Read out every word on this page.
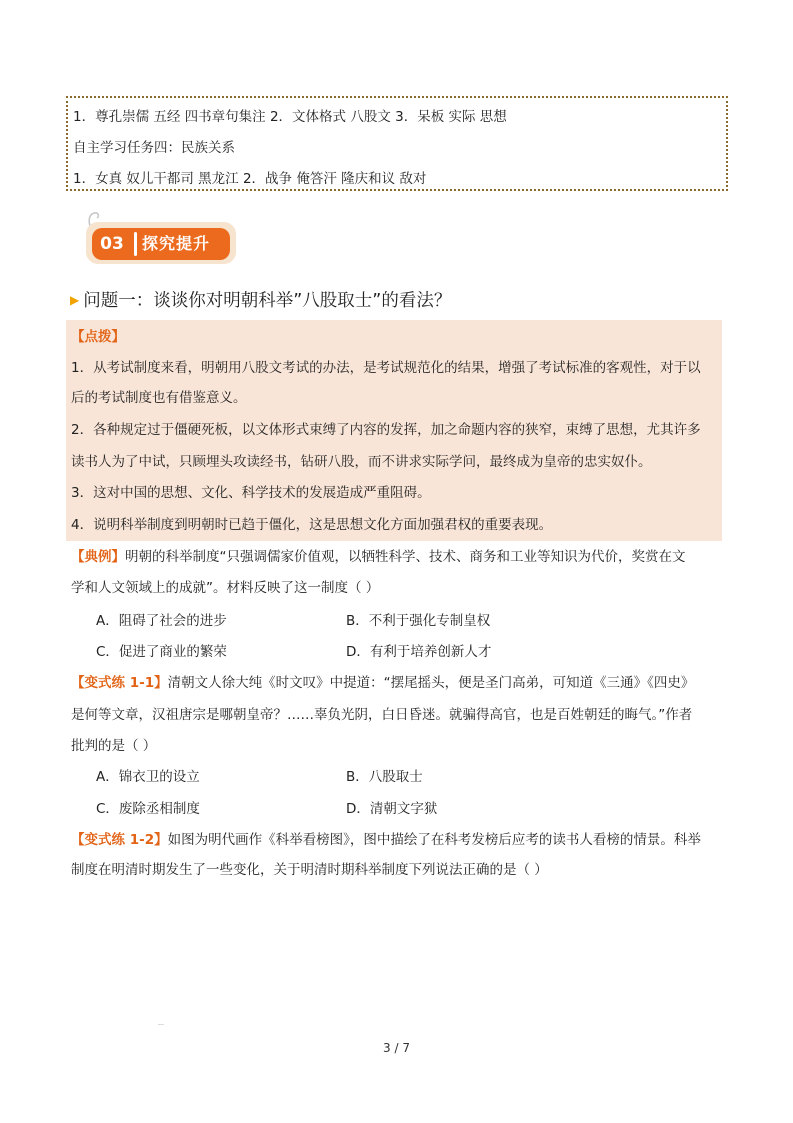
1．尊孔崇儒 五经 四书章句集注 2．文体格式 八股文 3．呆板 实际 思想
自主学习任务四：民族关系
1．女真 奴儿干都司 黑龙江 2．战争 俺答汗 隆庆和议 敌对
03	探究提升
▶ 问题一：谈谈你对明朝科举”八股取士”的看法？
【点拨】
1．从考试制度来看，明朝用八股文考试的办法，是考试规范化的结果，增强了考试标准的客观性，对于以
后的考试制度也有借鉴意义。
2．各种规定过于僵硬死板，以文体形式束缚了内容的发挥，加之命题内容的狭窄，束缚了思想，尤其许多
读书人为了中试，只顾埋头攻读经书，钻研八股，而不讲求实际学问，最终成为皇帝的忠实奴仆。
3．这对中国的思想、文化、科学技术的发展造成严重阻碍。
4．说明科举制度到明朝时已趋于僵化，这是思想文化方面加强君权的重要表现。
【典例】明朝的科举制度“只强调儒家价值观，以牺牲科学、技术、商务和工业等知识为代价，奖赏在文
学和人文领域上的成就”。材料反映了这一制度（ ）
A．阻碍了社会的进步	B．不利于强化专制皇权
C．促进了商业的繁荣	D．有利于培养创新人才
【变式练 1-1】清朝文人徐大纯《时文叹》中提道：“摆尾摇头，便是圣门高弟，可知道《三通》《四史》
是何等文章，汉祖唐宗是哪朝皇帝？……辜负光阴，白日昏迷。就骗得高官，也是百姓朝廷的晦气。”作者
批判的是（ ）
A．锦衣卫的设立	B．八股取士
C．废除丞相制度	D．清朝文字狱
【变式练 1-2】如图为明代画作《科举看榜图》，图中描绘了在科考发榜后应考的读书人看榜的情景。科举
制度在明清时期发生了一些变化，关于明清时期科举制度下列说法正确的是（ ）
3 / 7
